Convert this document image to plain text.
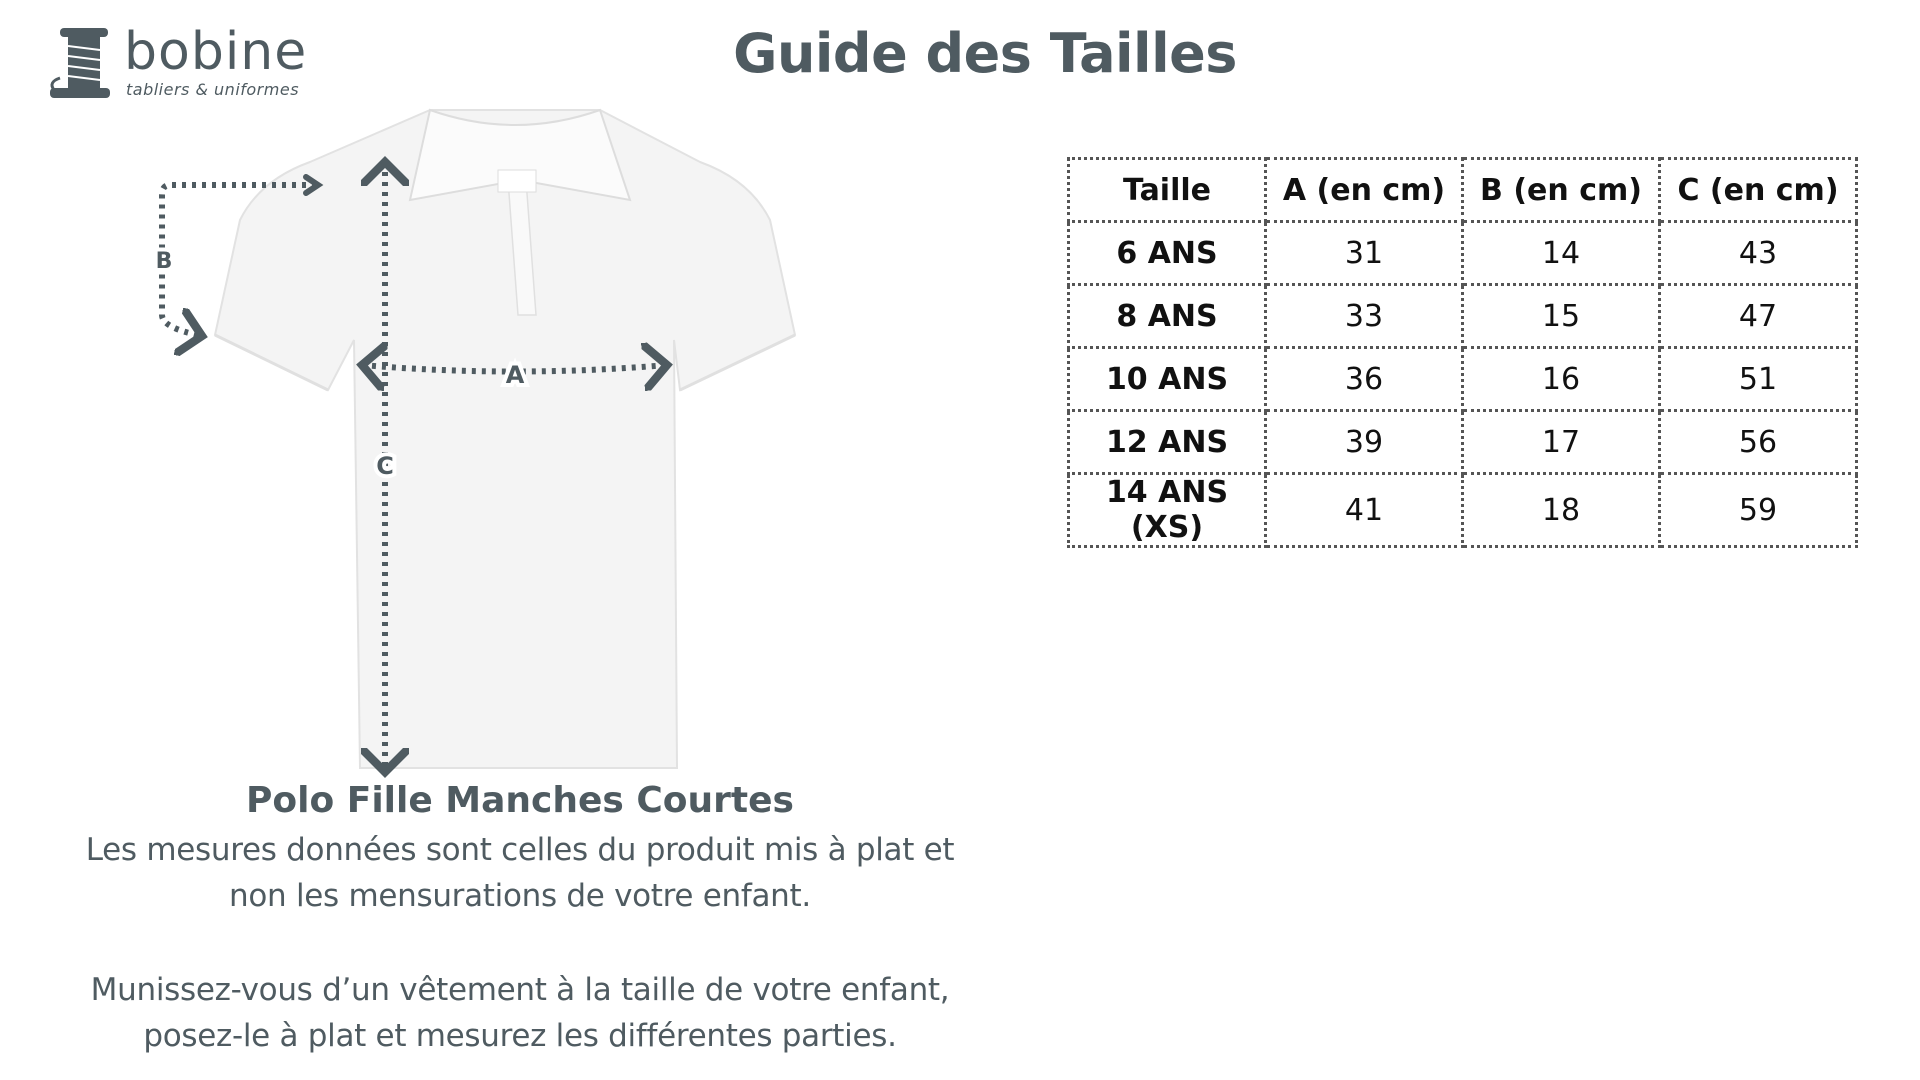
bobine
tabliers & uniformes
Guide des Tailles
C
A
B
Polo Fille Manches Courtes
Les mesures données sont celles du produit mis à plat et
non les mensurations de votre enfant.
Munissez-vous d’un vêtement à la taille de votre enfant,
posez-le à plat et mesurez les différentes parties.
Taille	A (en cm)	B (en cm)	C (en cm)
6 ANS	31	14	43
8 ANS	33	15	47
10 ANS	36	16	51
12 ANS	39	17	56
14 ANS (XS)	41	18	59
